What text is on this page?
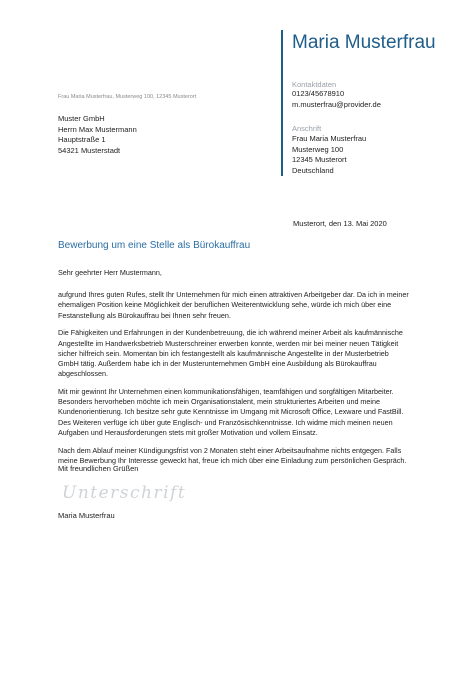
Maria Musterfrau
Kontaktdaten
0123/45678910
m.musterfrau@provider.de
Anschrift
Frau Maria Musterfrau
Musterweg 100
12345 Musterort
Deutschland
Frau Maria Musterfrau, Musterweg 100, 12345 Musterort
Muster GmbH
Herrn Max Mustermann
Hauptstraße 1
54321 Musterstadt
Musterort, den 13. Mai 2020
Bewerbung um eine Stelle als Bürokauffrau

Sehr geehrter Herr Mustermann,

aufgrund Ihres guten Rufes, stellt Ihr Unternehmen für mich einen attraktiven Arbeitgeber dar. Da ich in meiner ehemaligen Position keine Möglichkeit der beruflichen Weiterentwicklung sehe, würde ich mich über eine Festanstellung als Bürokauffrau bei Ihnen sehr freuen.

Die Fähigkeiten und Erfahrungen in der Kundenbetreuung, die ich während meiner Arbeit als kaufmännische Angestellte im Handwerksbetrieb Musterschreiner erwerben konnte, werden mir bei meiner neuen Tätigkeit sicher hilfreich sein. Momentan bin ich festangestellt als kaufmännische Angestellte in der Musterbetrieb GmbH tätig. Außerdem habe ich in der Musterunternehmen GmbH eine Ausbildung als Bürokauffrau abgeschlossen.

Mit mir gewinnt Ihr Unternehmen einen kommunikationsfähigen, teamfähigen und sorgfältigen Mitarbeiter. Besonders hervorheben möchte ich mein Organisationstalent, mein strukturiertes Arbeiten und meine Kundenorientierung. Ich besitze sehr gute Kenntnisse im Umgang mit Microsoft Office, Lexware und FastBill. Des Weiteren verfüge ich über gute Englisch- und Französischkenntnisse. Ich widme mich meinen neuen Aufgaben und Herausforderungen stets mit großer Motivation und vollem Einsatz.

Nach dem Ablauf meiner Kündigungsfrist von 2 Monaten steht einer Arbeitsaufnahme nichts entgegen. Falls meine Bewerbung Ihr Interesse geweckt hat, freue ich mich über eine Einladung zum persönlichen Gespräch.

Mit freundlichen Grüßen
Unterschrift
Maria Musterfrau
